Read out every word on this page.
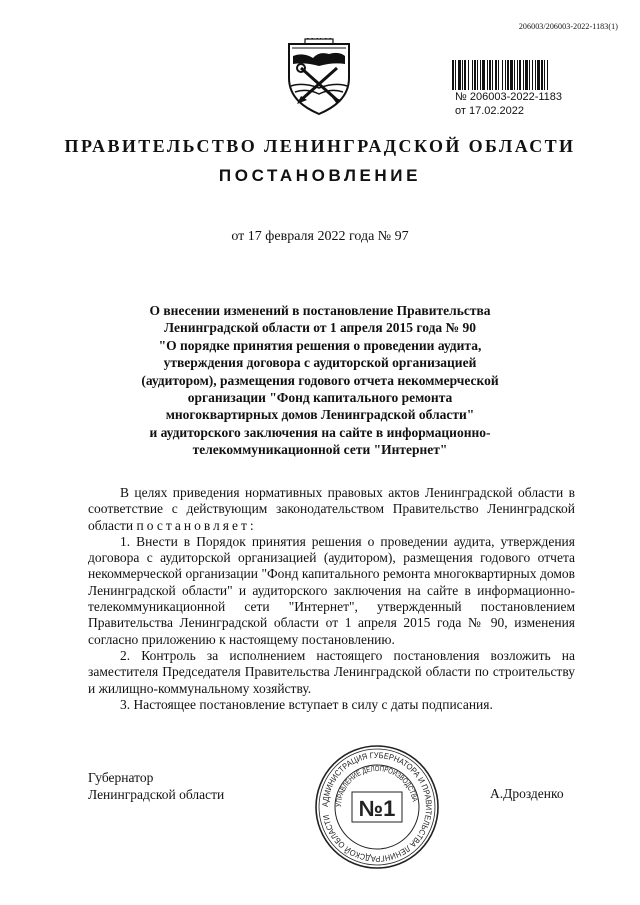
206003/206003-2022-1183(1)
№ 206003-2022-1183
от 17.02.2022
ПРАВИТЕЛЬСТВО ЛЕНИНГРАДСКОЙ ОБЛАСТИ
ПОСТАНОВЛЕНИЕ
от 17 февраля 2022 года № 97
О внесении изменений в постановление Правительства
Ленинградской области от 1 апреля 2015 года № 90
"О порядке принятия решения о проведении аудита,
утверждения договора с аудиторской организацией
(аудитором), размещения годового отчета некоммерческой
организации "Фонд капитального ремонта
многоквартирных домов Ленинградской области"
и аудиторского заключения на сайте в информационно-
телекоммуникационной сети "Интернет"

В целях приведения нормативных правовых актов Ленинградской области в соответствие с действующим законодательством Правительство Ленинградской области постановляет:

1. Внести в Порядок принятия решения о проведении аудита, утверждения договора с аудиторской организацией (аудитором), размещения годового отчета некоммерческой организации "Фонд капитального ремонта многоквартирных домов Ленинградской области" и аудиторского заключения на сайте в информационно-телекоммуникационной сети "Интернет", утвержденный постановлением Правительства Ленинградской области от 1 апреля 2015 года № 90, изменения согласно приложению к настоящему постановлению.

2. Контроль за исполнением настоящего постановления возложить на заместителя Председателя Правительства Ленинградской области по строительству и жилищно-коммунальному хозяйству.

3. Настоящее постановление вступает в силу с даты подписания.

Губернатор
Ленинградской области
АДМИНИСТРАЦИЯ ГУБЕРНАТОРА И ПРАВИТЕЛЬСТВА ЛЕНИНГРАДСКОЙ ОБЛАСТИ
УПРАВЛЕНИЕ ДЕЛОПРОИЗВОДСТВА
№1
А.Дрозденко
